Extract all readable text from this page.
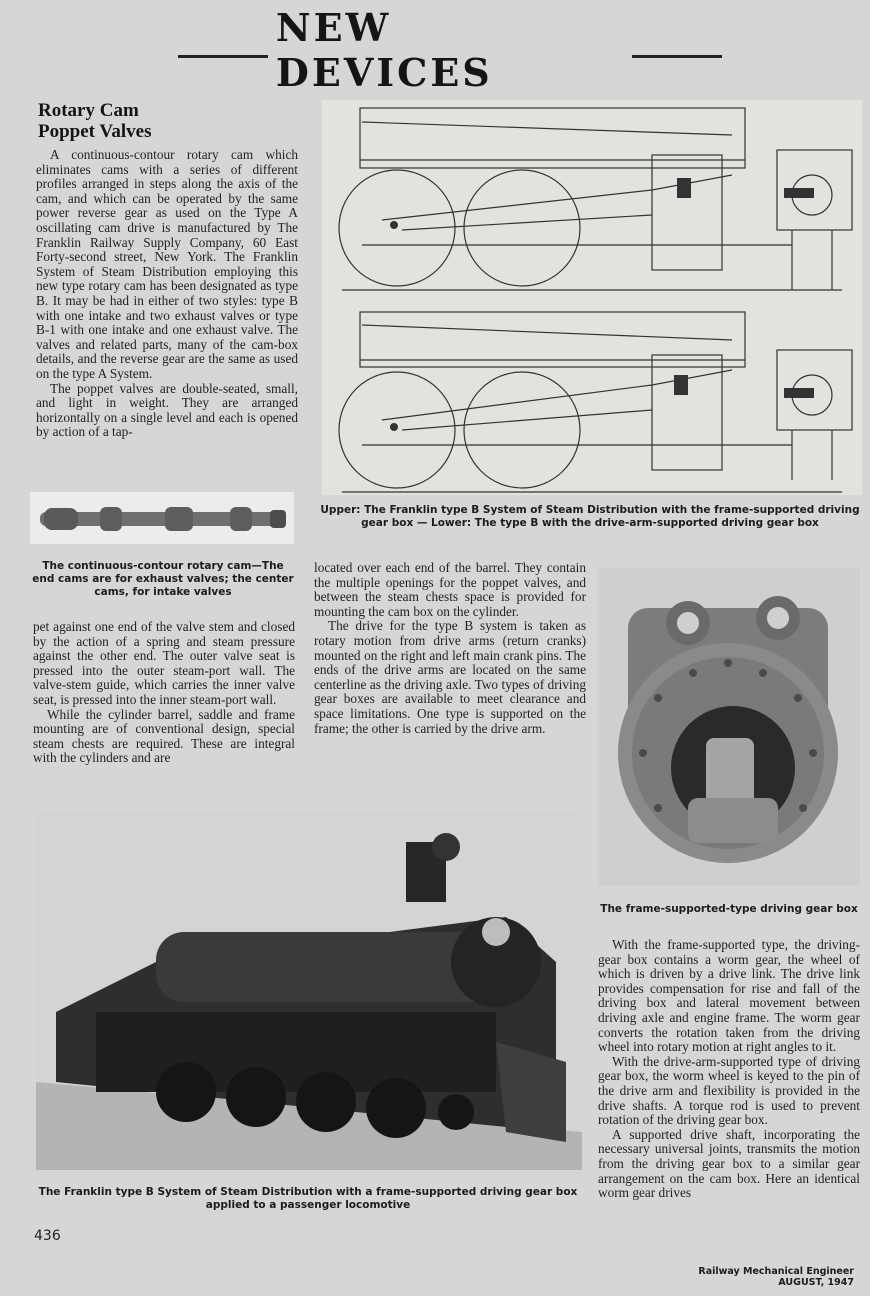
NEW DEVICES
Rotary Cam
Poppet Valves

A continuous-contour rotary cam which eliminates cams with a series of different profiles arranged in steps along the axis of the cam, and which can be operated by the same power reverse gear as used on the Type A oscillating cam drive is manufactured by The Franklin Railway Supply Company, 60 East Forty-second street, New York. The Franklin System of Steam Distribution employing this new type rotary cam has been designated as type B. It may be had in either of two styles: type B with one intake and two exhaust valves or type B-1 with one intake and one exhaust valve. The valves and related parts, many of the cam-box details, and the reverse gear are the same as used on the type A System.

The poppet valves are double-seated, small, and light in weight. They are arranged horizontally on a single level and each is opened by action of a tap-

Upper: The Franklin type B System of Steam Distribution with the frame-supported driving gear box — Lower: The type B with the drive-arm-supported driving gear box
The continuous-contour rotary cam—The end cams are for exhaust valves; the center cams, for intake valves

pet against one end of the valve stem and closed by the action of a spring and steam pressure against the other end. The outer valve seat is pressed into the outer steam-port wall. The valve-stem guide, which carries the inner valve seat, is pressed into the inner steam-port wall.

While the cylinder barrel, saddle and frame mounting are of conventional design, special steam chests are required. These are integral with the cylinders and are

located over each end of the barrel. They contain the multiple openings for the poppet valves, and between the steam chests space is provided for mounting the cam box on the cylinder.

The drive for the type B system is taken as rotary motion from drive arms (return cranks) mounted on the right and left main crank pins. The ends of the drive arms are located on the same centerline as the driving axle. Two types of driving gear boxes are available to meet clearance and space limitations. One type is supported on the frame; the other is carried by the drive arm.

The frame-supported-type driving gear box
The Franklin type B System of Steam Distribution with a frame-supported driving gear box applied to a passenger locomotive

With the frame-supported type, the driving-gear box contains a worm gear, the wheel of which is driven by a drive link. The drive link provides compensation for rise and fall of the driving box and lateral movement between driving axle and engine frame. The worm gear converts the rotation taken from the driving wheel into rotary motion at right angles to it.

With the drive-arm-supported type of driving gear box, the worm wheel is keyed to the pin of the drive arm and flexibility is provided in the drive shafts. A torque rod is used to prevent rotation of the driving gear box.

A supported drive shaft, incorporating the necessary universal joints, transmits the motion from the driving gear box to a similar gear arrangement on the cam box. Here an identical worm gear drives

436
Railway Mechanical Engineer
AUGUST, 1947
